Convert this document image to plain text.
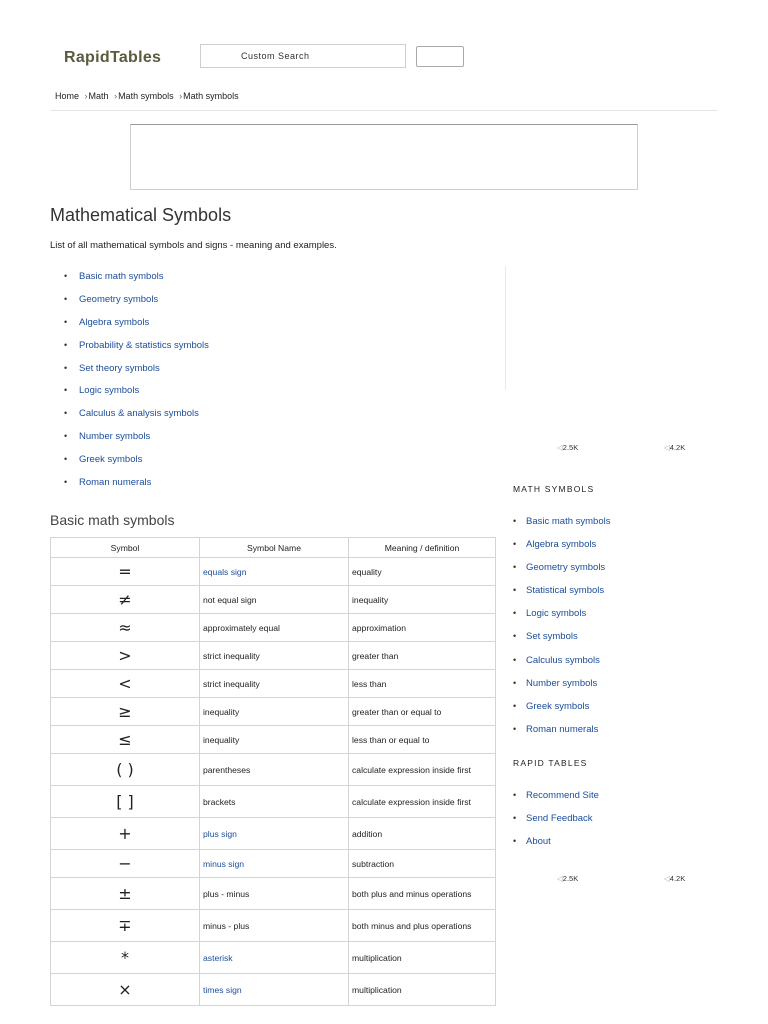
RapidTables	Custom Search
Home ›Math ›Math symbols ›Math symbols
Mathematical Symbols
List of all mathematical symbols and signs - meaning and examples.
• Basic math symbols
• Geometry symbols
• Algebra symbols
• Probability & statistics symbols
• Set theory symbols
• Logic symbols
• Calculus & analysis symbols
• Number symbols
• Greek symbols
• Roman numerals
◁2.5K	◁4.2K
Basic math symbols
Symbol	Symbol Name	Meaning / definition
=	equals sign	equality
≠	not equal sign	inequality
≈	approximately equal	approximation
>	strict inequality	greater than
<	strict inequality	less than
≥	inequality	greater than or equal to
≤	inequality	less than or equal to
( )	parentheses	calculate expression inside first
[ ]	brackets	calculate expression inside first
+	plus sign	addition
−	minus sign	subtraction
±	plus - minus	both plus and minus operations
∓	minus - plus	both minus and plus operations
*	asterisk	multiplication
×	times sign	multiplication
MATH SYMBOLS
• Basic math symbols
• Algebra symbols
• Geometry symbols
• Statistical symbols
• Logic symbols
• Set symbols
• Calculus symbols
• Number symbols
• Greek symbols
• Roman numerals
RAPID TABLES
• Recommend Site
• Send Feedback
• About
◁2.5K	◁4.2K
